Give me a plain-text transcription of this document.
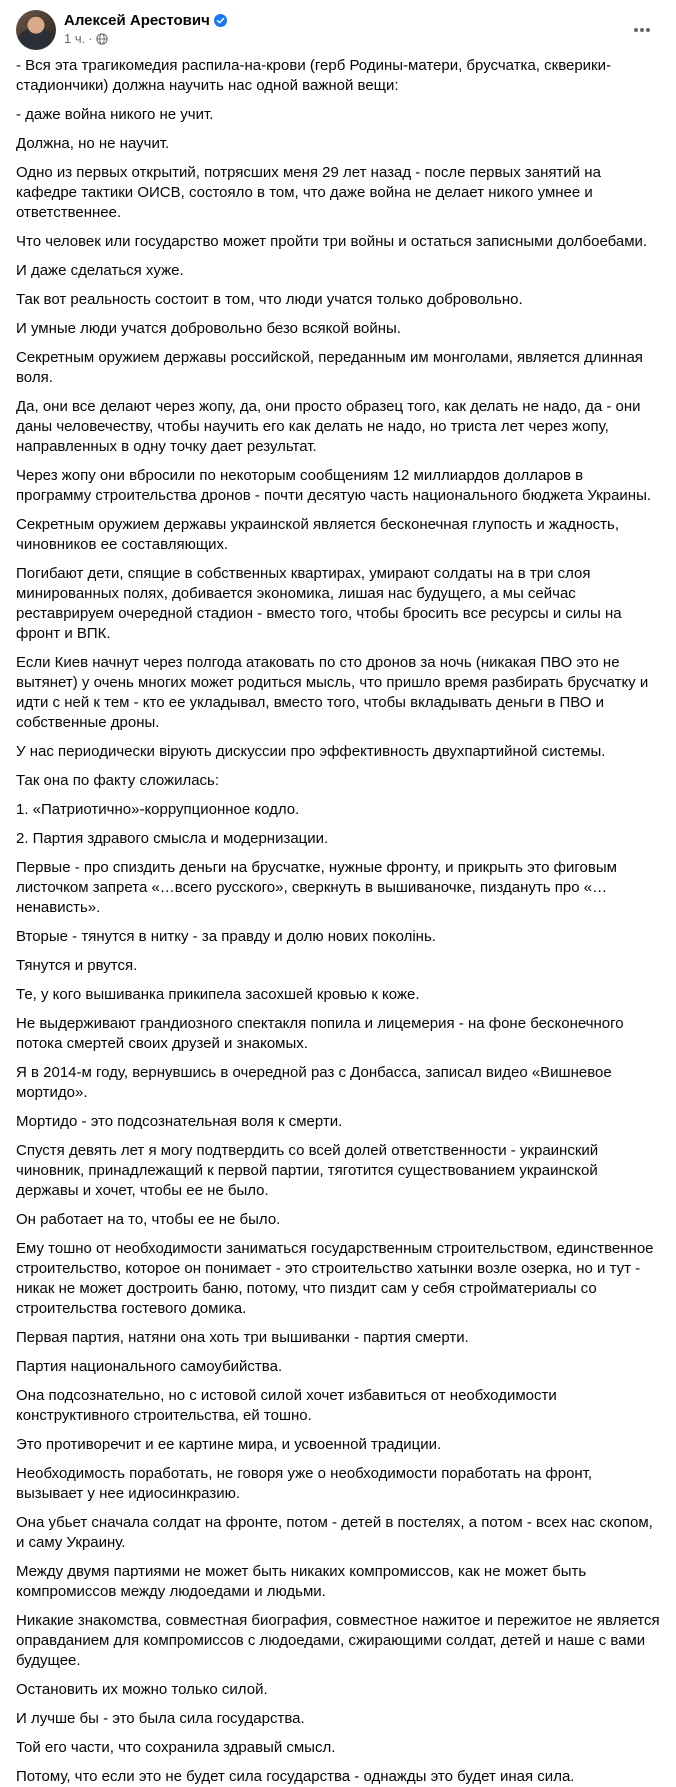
Алексей Арестович
1 ч. ·

- Вся эта трагикомедия распила-на-крови (герб Родины-матери, брусчатка, скверики-стадиончики) должна научить нас одной важной вещи:

- даже война никого не учит.

Должна, но не научит.

Одно из первых открытий, потрясших меня 29 лет назад - после первых занятий на кафедре тактики ОИСВ, состояло в том, что даже война не делает никого умнее и ответственнее.

Что человек или государство может пройти три войны и остаться записными долбоебами.

И даже сделаться хуже.

Так вот реальность состоит в том, что люди учатся только добровольно.

И умные люди учатся добровольно безо всякой войны.

Секретным оружием державы российской, переданным им монголами, является длинная воля.

Да, они все делают через жопу, да, они просто образец того, как делать не надо, да - они даны человечеству, чтобы научить его как делать не надо, но триста лет через жопу, направленных в одну точку дает результат.

Через жопу они вбросили по некоторым сообщениям 12 миллиардов долларов в программу строительства дронов - почти десятую часть национального бюджета Украины.

Секретным оружием державы украинской является бесконечная глупость и жадность, чиновников ее составляющих.

Погибают дети, спящие в собственных квартирах, умирают солдаты на в три слоя минированных полях, добивается экономика, лишая нас будущего, а мы сейчас реставрируем очередной стадион - вместо того, чтобы бросить все ресурсы и силы на фронт и ВПК.

Если Киев начнут через полгода атаковать по сто дронов за ночь (никакая ПВО это не вытянет) у очень многих может родиться мысль, что пришло время разбирать брусчатку и идти с ней к тем - кто ее укладывал, вместо того, чтобы вкладывать деньги в ПВО и собственные дроны.

У нас периодически вірують дискуссии про эффективность двухпартийной системы.

Так она по факту сложилась:

1. «Патриотично»-коррупционное кодло.

2. Партия здравого смысла и модернизации.

Первые - про спиздить деньги на брусчатке, нужные фронту, и прикрыть это фиговым листочком запрета «…всего русского», сверкнуть в вышиваночке, пиздануть про «…ненависть».

Вторые - тянутся в нитку - за правду и долю нових поколінь.

Тянутся и рвутся.

Те, у кого вышиванка прикипела засохшей кровью к коже.

Не выдерживают грандиозного спектакля попила и лицемерия - на фоне бесконечного потока смертей своих друзей и знакомых.

Я в 2014-м году, вернувшись в очередной раз с Донбасса, записал видео «Вишневое мортидо».

Мортидо - это подсознательная воля к смерти.

Спустя девять лет я могу подтвердить со всей долей ответственности - украинский чиновник, принадлежащий к первой партии, тяготится существованием украинской державы и хочет, чтобы ее не было.

Он работает на то, чтобы ее не было.

Ему тошно от необходимости заниматься государственным строительством, единственное строительство, которое он понимает - это строительство хатынки возле озерка, но и тут - никак не может достроить баню, потому, что пиздит сам у себя стройматериалы со строительства гостевого домика.

Первая партия, натяни она хоть три вышиванки - партия смерти.

Партия национального самоубийства.

Она подсознательно, но с истовой силой хочет избавиться от необходимости конструктивного строительства, ей тошно.

Это противоречит и ее картине мира, и усвоенной традиции.

Необходимость поработать, не говоря уже о необходимости поработать на фронт, вызывает у нее идиосинкразию.

Она убьет сначала солдат на фронте, потом - детей в постелях, а потом - всех нас скопом, и саму Украину.

Между двумя партиями не может быть никаких компромиссов, как не может быть компромиссов между людоедами и людьми.

Никакие знакомства, совместная биография, совместное нажитое и пережитое не является оправданием для компромиссов с людоедами, сжирающими солдат, детей и наше с вами будущее.

Остановить их можно только силой.

И лучше бы - это была сила государства.

Той его части, что сохранила здравый смысл.

Потому, что если это не будет сила государства - однажды это будет иная сила.
